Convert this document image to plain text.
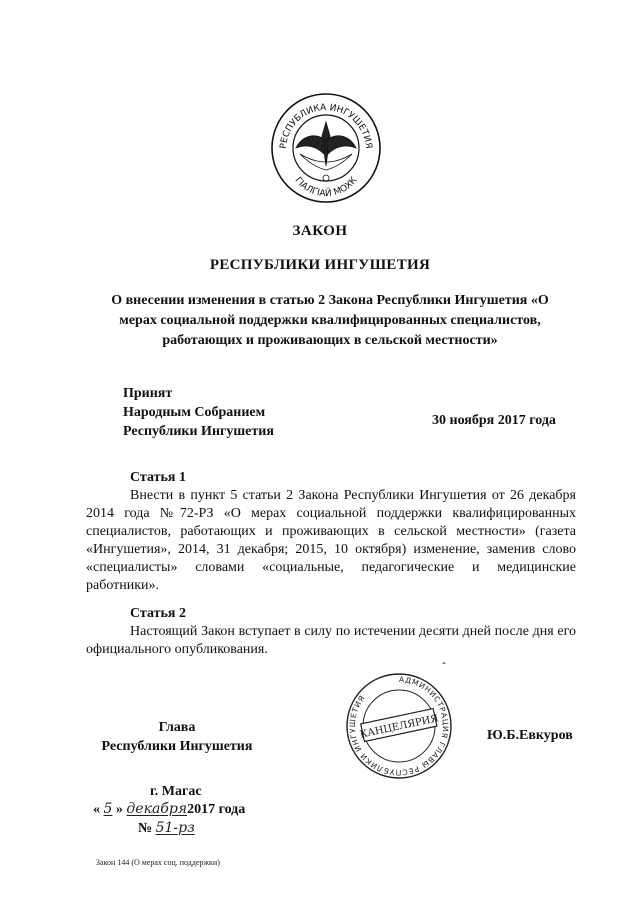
РЕСПУБЛИКА ИНГУШЕТИЯ
ГӀАЛГӀАЙ МОХК
ЗАКОН
РЕСПУБЛИКИ ИНГУШЕТИЯ
О внесении изменения в статью 2 Закона Республики Ингушетия «О
мерах социальной поддержки квалифицированных специалистов,
работающих и проживающих в сельской местности»
Принят
Народным Собранием
Республики Ингушетия
30 ноября 2017 года
Статья 1
Внести в пункт 5 статьи 2 Закона Республики Ингушетия от 26 декабря 2014 года №72-РЗ «О мерах социальной поддержки квалифицированных специалистов, работающих и проживающих в сельской местности» (газета «Ингушетия», 2014, 31 декабря; 2015, 10 октября) изменение, заменив слово «специалисты» словами «социальные, педагогические и медицинские работники».
Статья 2
Настоящий Закон вступает в силу по истечении десяти дней после дня его официального опубликования.
-
Глава
Республики Ингушетия
АДМИНИСТРАЦИЯ ГЛАВЫ РЕСПУБЛИКИ ИНГУШЕТИЯ
КАНЦЕЛЯРИЯ	Ю.Б.Евкуров
г. Магас
« 5 » декабря2017 года
№ 51-рз
Закон 144 (О мерах соц. поддержки)
